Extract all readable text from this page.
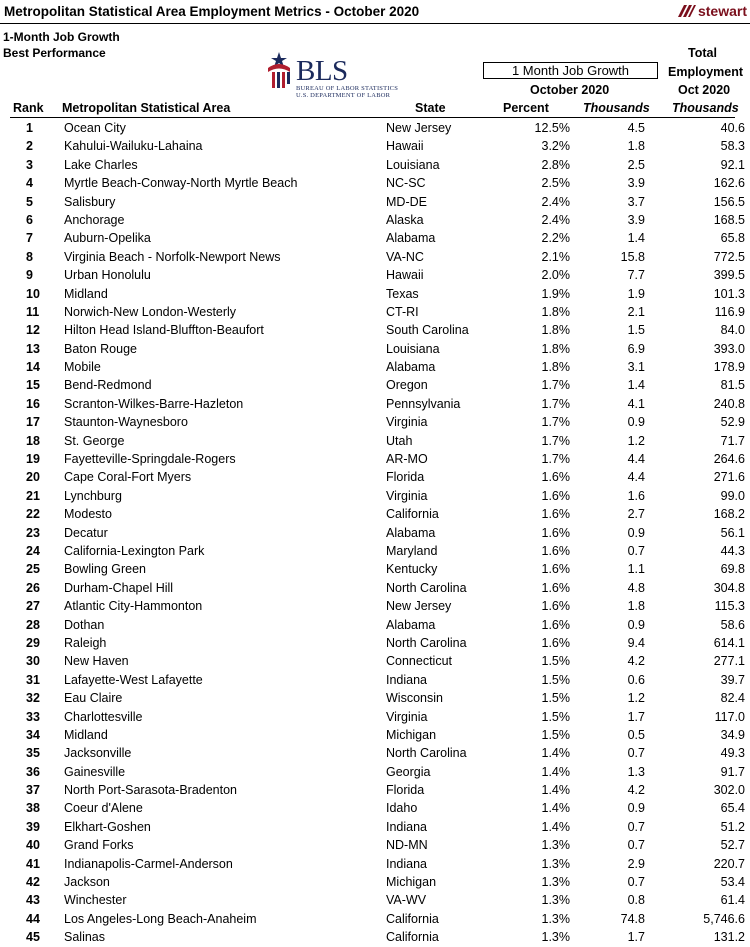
Metropolitan Statistical Area Employment Metrics - October 2020	stewart
1-Month Job Growth
Best Performance
BLS
BUREAU OF LABOR STATISTICS
U.S. DEPARTMENT OF LABOR
1 Month Job Growth
Total
Employment
October 2020	Oct 2020
Rank Metropolitan Statistical Area	State	Percent	Thousands Thousands
1 Ocean City	New Jersey	12.5%	4.5	40.6
2 Kahului-Wailuku-Lahaina	Hawaii	3.2%	1.8	58.3
3 Lake Charles	Louisiana	2.8%	2.5	92.1
4 Myrtle Beach-Conway-North Myrtle Beach	NC-SC	2.5%	3.9	162.6
5 Salisbury	MD-DE	2.4%	3.7	156.5
6 Anchorage	Alaska	2.4%	3.9	168.5
7 Auburn-Opelika	Alabama	2.2%	1.4	65.8
8 Virginia Beach - Norfolk-Newport News	VA-NC	2.1%	15.8	772.5
9 Urban Honolulu	Hawaii	2.0%	7.7	399.5
10 Midland	Texas	1.9%	1.9	101.3
11 Norwich-New London-Westerly	CT-RI	1.8%	2.1	116.9
12 Hilton Head Island-Bluffton-Beaufort	South Carolina	1.8%	1.5	84.0
13 Baton Rouge	Louisiana	1.8%	6.9	393.0
14 Mobile	Alabama	1.8%	3.1	178.9
15 Bend-Redmond	Oregon	1.7%	1.4	81.5
16 Scranton-Wilkes-Barre-Hazleton	Pennsylvania	1.7%	4.1	240.8
17 Staunton-Waynesboro	Virginia	1.7%	0.9	52.9
18 St. George	Utah	1.7%	1.2	71.7
19 Fayetteville-Springdale-Rogers	AR-MO	1.7%	4.4	264.6
20 Cape Coral-Fort Myers	Florida	1.6%	4.4	271.6
21 Lynchburg	Virginia	1.6%	1.6	99.0
22 Modesto	California	1.6%	2.7	168.2
23 Decatur	Alabama	1.6%	0.9	56.1
24 California-Lexington Park	Maryland	1.6%	0.7	44.3
25 Bowling Green	Kentucky	1.6%	1.1	69.8
26 Durham-Chapel Hill	North Carolina	1.6%	4.8	304.8
27 Atlantic City-Hammonton	New Jersey	1.6%	1.8	115.3
28 Dothan	Alabama	1.6%	0.9	58.6
29 Raleigh	North Carolina	1.6%	9.4	614.1
30 New Haven	Connecticut	1.5%	4.2	277.1
31 Lafayette-West Lafayette	Indiana	1.5%	0.6	39.7
32 Eau Claire	Wisconsin	1.5%	1.2	82.4
33 Charlottesville	Virginia	1.5%	1.7	117.0
34 Midland	Michigan	1.5%	0.5	34.9
35 Jacksonville	North Carolina	1.4%	0.7	49.3
36 Gainesville	Georgia	1.4%	1.3	91.7
37 North Port-Sarasota-Bradenton	Florida	1.4%	4.2	302.0
38 Coeur d'Alene	Idaho	1.4%	0.9	65.4
39 Elkhart-Goshen	Indiana	1.4%	0.7	51.2
40 Grand Forks	ND-MN	1.3%	0.7	52.7
41 Indianapolis-Carmel-Anderson	Indiana	1.3%	2.9	220.7
42 Jackson	Michigan	1.3%	0.7	53.4
43 Winchester	VA-WV	1.3%	0.8	61.4
44 Los Angeles-Long Beach-Anaheim	California	1.3%	74.8	5,746.6
45 Salinas	California	1.3%	1.7	131.2
